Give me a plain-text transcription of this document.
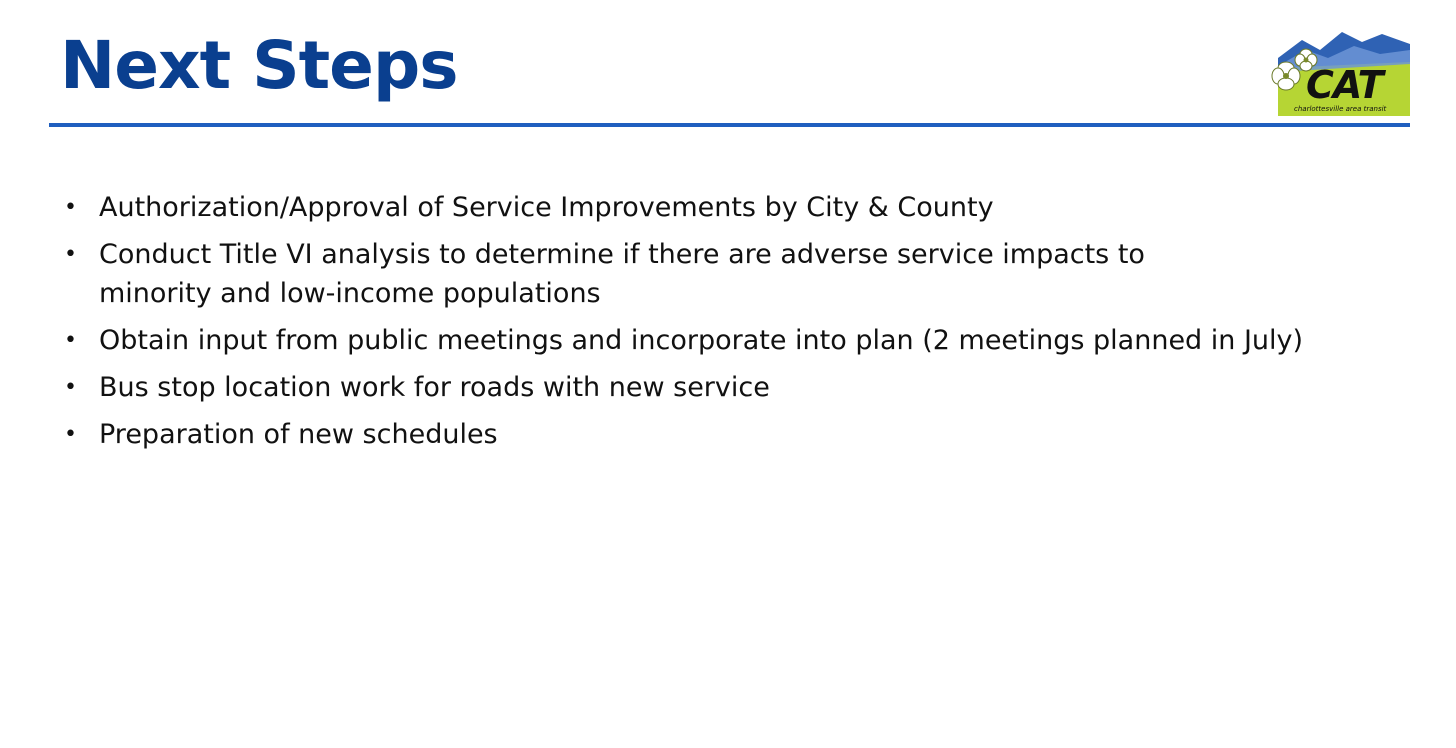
Next Steps	CAT
charlottesville area transit
• Authorization/Approval of Service Improvements by City & County
• Conduct Title VI analysis to determine if there are adverse service impacts to minority and low-income populations
• Obtain input from public meetings and incorporate into plan (2 meetings planned in July)
• Bus stop location work for roads with new service
• Preparation of new schedules
